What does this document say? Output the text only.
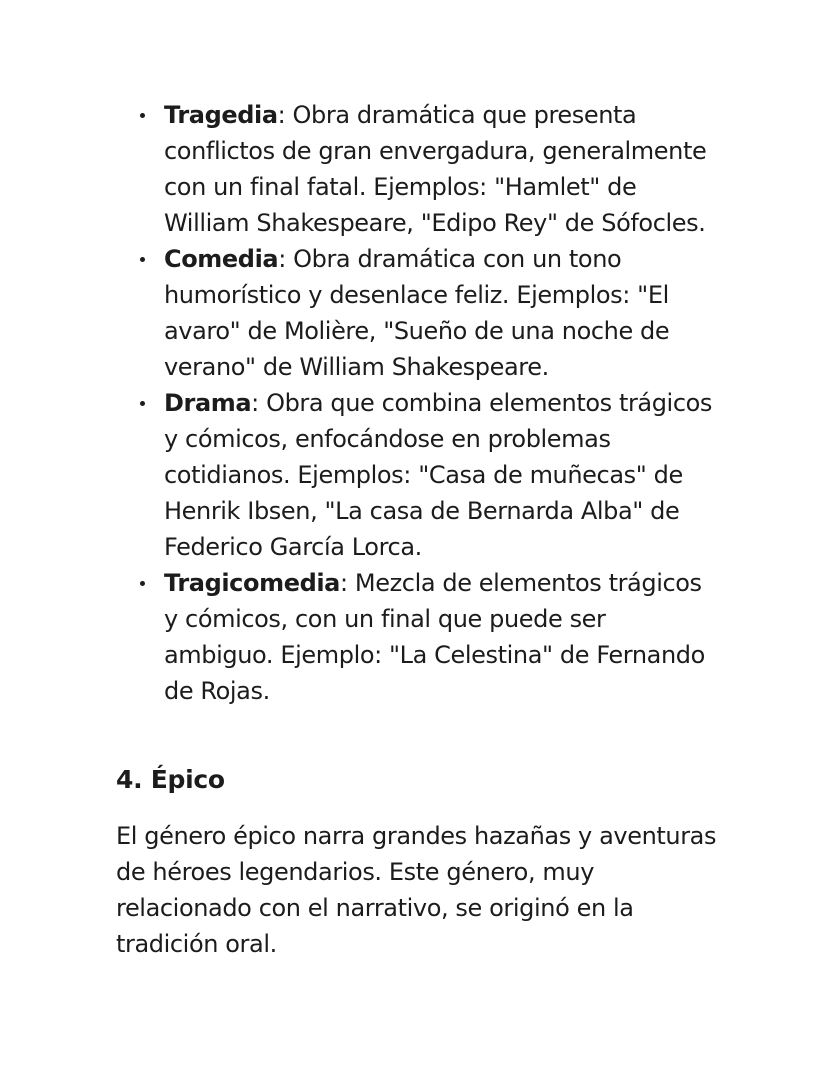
Tragedia: Obra dramática que presenta conflictos de gran envergadura, generalmente con un final fatal. Ejemplos: "Hamlet" de William Shakespeare, "Edipo Rey" de Sófocles.
Comedia: Obra dramática con un tono humorístico y desenlace feliz. Ejemplos: "El avaro" de Molière, "Sueño de una noche de verano" de William Shakespeare.
Drama: Obra que combina elementos trágicos y cómicos, enfocándose en problemas cotidianos. Ejemplos: "Casa de muñecas" de Henrik Ibsen, "La casa de Bernarda Alba" de Federico García Lorca.
Tragicomedia: Mezcla de elementos trágicos y cómicos, con un final que puede ser ambiguo. Ejemplo: "La Celestina" de Fernando de Rojas.
4. Épico

El género épico narra grandes hazañas y aventuras de héroes legendarios. Este género, muy relacionado con el narrativo, se originó en la tradición oral.
